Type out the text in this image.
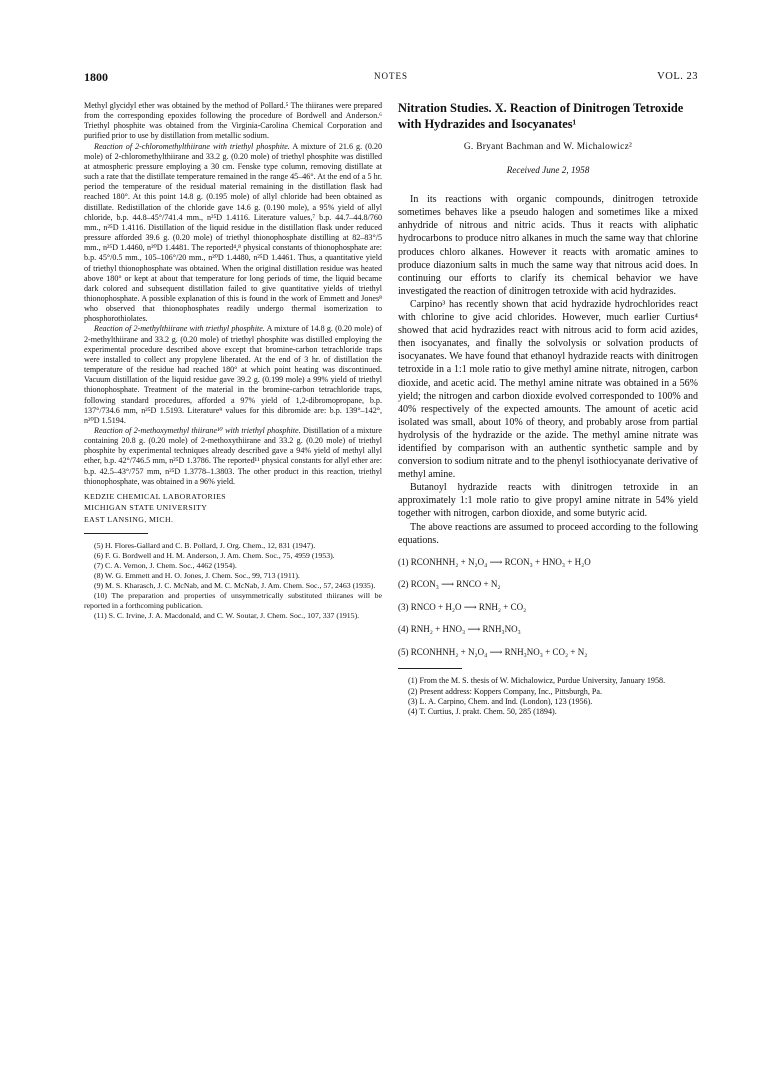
1800	NOTES	VOL. 23

Methyl glycidyl ether was obtained by the method of Pollard.⁵ The thiiranes were prepared from the corresponding epoxides following the procedure of Bordwell and Anderson.⁶ Triethyl phosphite was obtained from the Virginia-Carolina Chemical Corporation and purified prior to use by distillation from metallic sodium.

Reaction of 2-chloromethylthiirane with triethyl phosphite. A mixture of 21.6 g. (0.20 mole) of 2-chloromethylthiirane and 33.2 g. (0.20 mole) of triethyl phosphite was distilled at atmospheric pressure employing a 30 cm. Fenske type column, removing distillate at such a rate that the distillate temperature remained in the range 45–46°. At the end of a 5 hr. period the temperature of the residual material remaining in the distillation flask had reached 180°. At this point 14.8 g. (0.195 mole) of allyl chloride had been obtained as distillate. Redistillation of the chloride gave 14.6 g. (0.190 mole), a 95% yield of allyl chloride, b.p. 44.8–45°/741.4 mm., n²⁵D 1.4116. Literature values,⁷ b.p. 44.7–44.8/760 mm., n²⁵D 1.4116. Distillation of the liquid residue in the distillation flask under reduced pressure afforded 39.6 g. (0.20 mole) of triethyl thionophosphate distilling at 82–83°/5 mm., n²⁵D 1.4460, n²⁰D 1.4481. The reported⁴,⁸ physical constants of thionophosphate are: b.p. 45°/0.5 mm., 105–106°/20 mm., n²⁰D 1.4480, n²⁵D 1.4461. Thus, a quantitative yield of triethyl thionophosphate was obtained. When the original distillation residue was heated above 180° or kept at about that temperature for long periods of time, the liquid became dark colored and subsequent distillation failed to give quantitative yields of triethyl thionophosphate. A possible explanation of this is found in the work of Emmett and Jones⁸ who observed that thionophosphates readily undergo thermal isomerization to phosphorothiolates.

Reaction of 2-methylthiirane with triethyl phosphite. A mixture of 14.8 g. (0.20 mole) of 2-methylthiirane and 33.2 g. (0.20 mole) of triethyl phosphite was distilled employing the experimental procedure described above except that bromine-carbon tetrachloride traps were installed to collect any propylene liberated. At the end of 3 hr. of distillation the temperature of the residue had reached 180° at which point heating was discontinued. Vacuum distillation of the liquid residue gave 39.2 g. (0.199 mole) a 99% yield of triethyl thionophosphate. Treatment of the material in the bromine-carbon tetrachloride traps, following standard procedures, afforded a 97% yield of 1,2-dibromopropane, b.p. 137°/734.6 mm, n²⁵D 1.5193. Literature⁹ values for this dibromide are: b.p. 139°–142°, n²⁰D 1.5194.

Reaction of 2-methoxymethyl thiirane¹⁰ with triethyl phosphite. Distillation of a mixture containing 20.8 g. (0.20 mole) of 2-methoxythiirane and 33.2 g. (0.20 mole) of triethyl phosphite by experimental techniques already described gave a 94% yield of methyl allyl ether, b.p. 42°/746.5 mm, n²⁵D 1.3786. The reported¹¹ physical constants for allyl ether are: b.p. 42.5–43°/757 mm, n²⁵D 1.3778–1.3803. The other product in this reaction, triethyl thionophosphate, was obtained in a 96% yield.

KEDZIE CHEMICAL LABORATORIES
MICHIGAN STATE UNIVERSITY
EAST LANSING, MICH.

(5) H. Flores-Gallard and C. B. Pollard, J. Org. Chem., 12, 831 (1947).

(6) F. G. Bordwell and H. M. Anderson, J. Am. Chem. Soc., 75, 4959 (1953).

(7) C. A. Vernon, J. Chem. Soc., 4462 (1954).

(8) W. G. Emmett and H. O. Jones, J. Chem. Soc., 99, 713 (1911).

(9) M. S. Kharasch, J. C. McNab, and M. C. McNab, J. Am. Chem. Soc., 57, 2463 (1935).

(10) The preparation and properties of unsymmetrically substituted thiiranes will be reported in a forthcoming publication.

(11) S. C. Irvine, J. A. Macdonald, and C. W. Soutar, J. Chem. Soc., 107, 337 (1915).

Nitration Studies. X. Reaction of Dinitrogen Tetroxide with Hydrazides and Isocyanates¹
G. Bryant Bachman and W. Michalowicz²
Received June 2, 1958

In its reactions with organic compounds, dinitrogen tetroxide sometimes behaves like a pseudo halogen and sometimes like a mixed anhydride of nitrous and nitric acids. Thus it reacts with aliphatic hydrocarbons to produce nitro alkanes in much the same way that chlorine produces chloro alkanes. However it reacts with aromatic amines to produce diazonium salts in much the same way that nitrous acid does. In continuing our efforts to clarify its chemical behavior we have investigated the reaction of dinitrogen tetroxide with acid hydrazides.

Carpino³ has recently shown that acid hydrazide hydrochlorides react with chlorine to give acid chlorides. However, much earlier Curtius⁴ showed that acid hydrazides react with nitrous acid to form acid azides, then isocyanates, and finally the solvolysis or solvation products of isocyanates. We have found that ethanoyl hydrazide reacts with dinitrogen tetroxide in a 1:1 mole ratio to give methyl amine nitrate, nitrogen, carbon dioxide, and acetic acid. The methyl amine nitrate was obtained in a 56% yield; the nitrogen and carbon dioxide evolved corresponded to 100% and 40% respectively of the expected amounts. The amount of acetic acid isolated was small, about 10% of theory, and probably arose from partial hydrolysis of the hydrazide or the azide. The methyl amine nitrate was identified by comparison with an authentic synthetic sample and by conversion to sodium nitrate and to the phenyl isothiocyanate derivative of methyl amine.

Butanoyl hydrazide reacts with dinitrogen tetroxide in an approximately 1:1 mole ratio to give propyl amine nitrate in 54% yield together with nitrogen, carbon dioxide, and some butyric acid.

The above reactions are assumed to proceed according to the following equations.

(1) RCONHNH₂ + N₂O₄ ⟶ RCON₃ + HNO₃ + H₂O
(2) RCON₃ ⟶ RNCO + N₂
(3) RNCO + H₂O ⟶ RNH₂ + CO₂
(4) RNH₂ + HNO₃ ⟶ RNH₃NO₃
(5) RCONHNH₂ + N₂O₄ ⟶ RNH₃NO₃ + CO₂ + N₂

(1) From the M. S. thesis of W. Michalowicz, Purdue University, January 1958.

(2) Present address: Koppers Company, Inc., Pittsburgh, Pa.

(3) L. A. Carpino, Chem. and Ind. (London), 123 (1956).

(4) T. Curtius, J. prakt. Chem. 50, 285 (1894).
